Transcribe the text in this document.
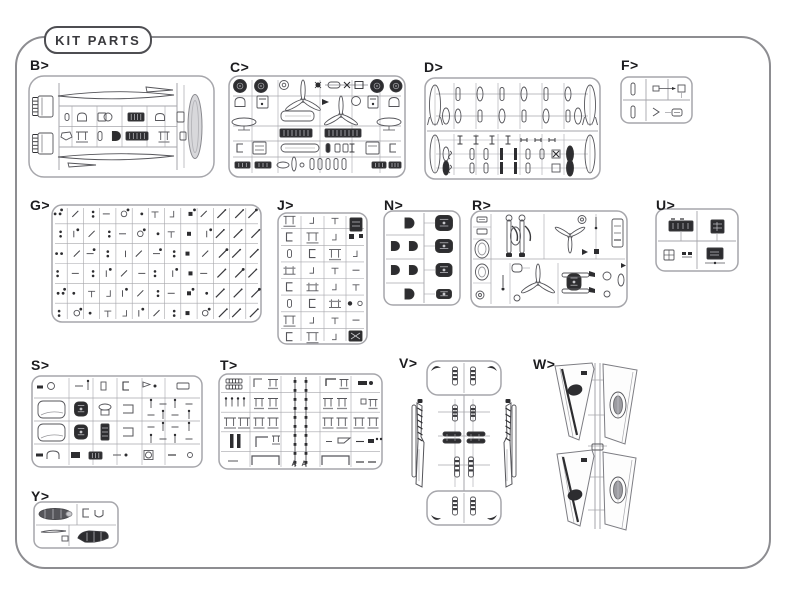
KIT PARTS
B>	C>	D>	F>
G>	J>	N>	R>	U>
S>	T>	V>	W>
Y>
